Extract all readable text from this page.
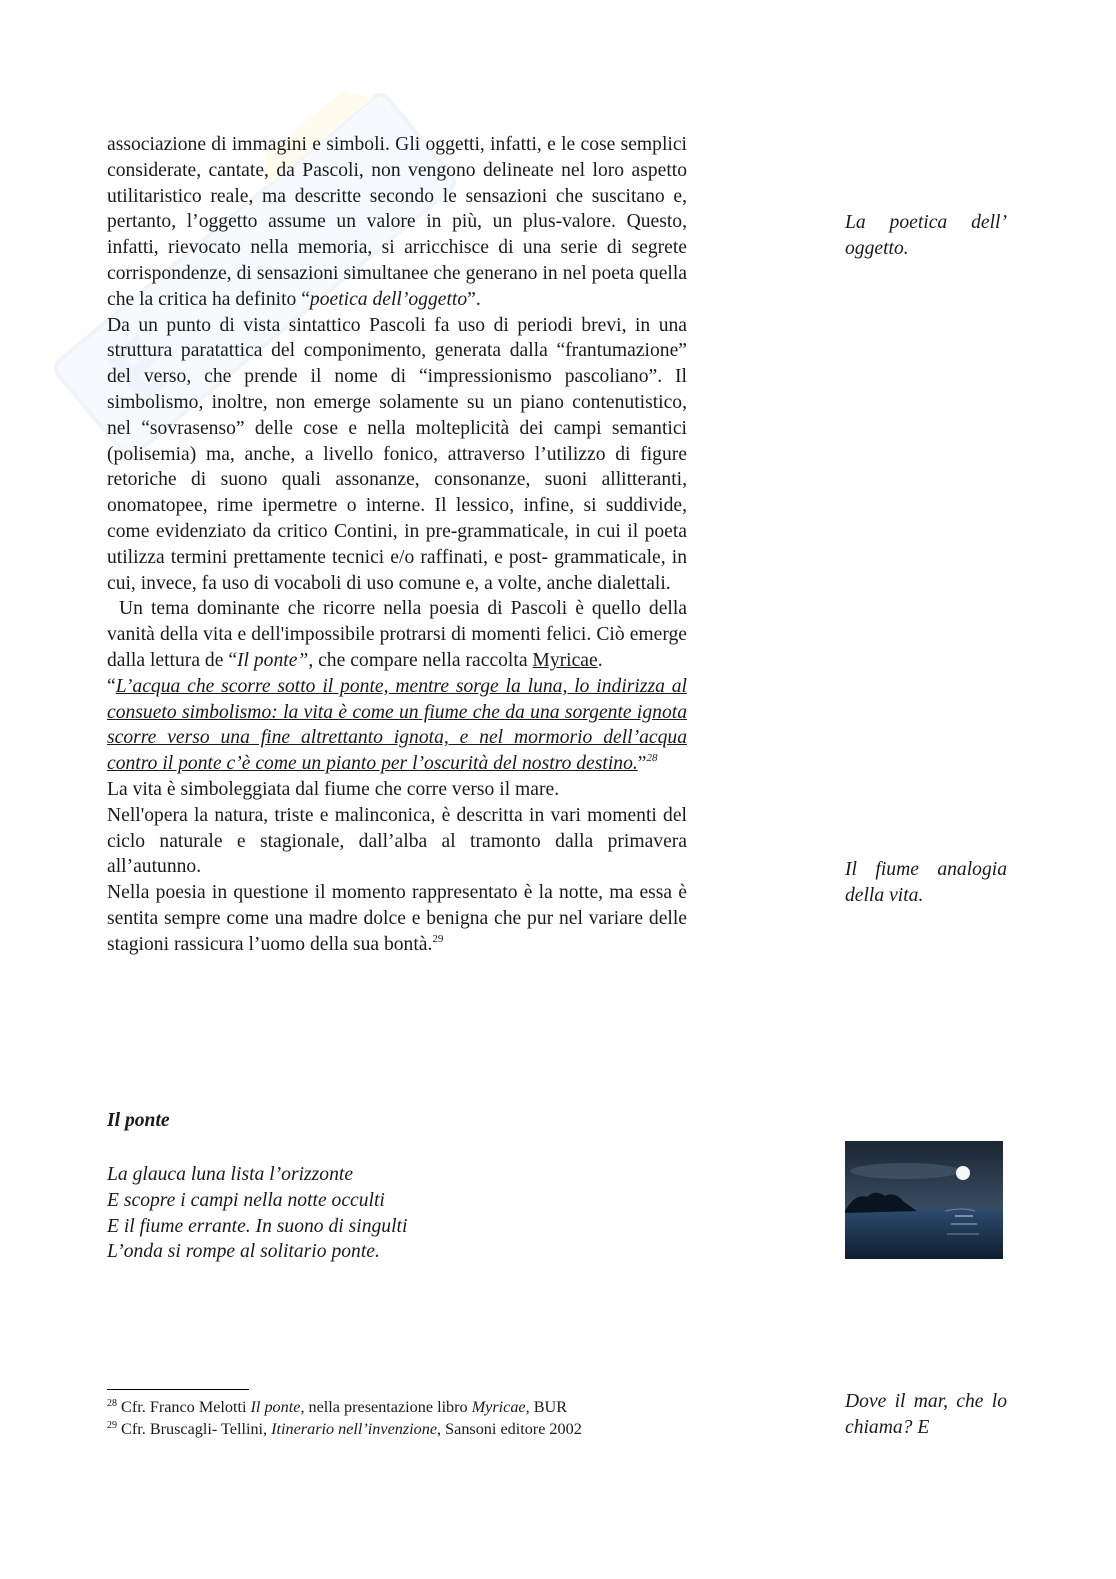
E

associazione di immagini e simboli. Gli oggetti, infatti, e le cose semplici considerate, cantate, da Pascoli, non vengono delineate nel loro aspetto utilitaristico reale, ma descritte secondo le sensazioni che suscitano e, pertanto, l’oggetto assume un valore in più, un plus-valore. Questo, infatti, rievocato nella memoria, si arricchisce di una serie di segrete corrispondenze, di sensazioni simultanee che generano in nel poeta quella che la critica ha definito “poetica dell’oggetto”.

Da un punto di vista sintattico Pascoli fa uso di periodi brevi, in una struttura paratattica del componimento, generata dalla “frantumazione” del verso, che prende il nome di “impressionismo pascoliano”. Il simbolismo, inoltre, non emerge solamente su un piano contenutistico, nel “sovrasenso” delle cose e nella molteplicità dei campi semantici (polisemia) ma, anche, a livello fonico, attraverso l’utilizzo di figure retoriche di suono quali assonanze, consonanze, suoni allitteranti, onomatopee, rime ipermetre o interne. Il lessico, infine, si suddivide, come evidenziato da critico Contini, in pre-grammaticale, in cui il poeta utilizza termini prettamente tecnici e/o raffinati, e post- grammaticale, in cui, invece, fa uso di vocaboli di uso comune e, a volte, anche dialettali.

Un tema dominante che ricorre nella poesia di Pascoli è quello della vanità della vita e dell'impossibile protrarsi di momenti felici. Ciò emerge dalla lettura de “Il ponte”, che compare nella raccolta Myricae.

“L’acqua che scorre sotto il ponte, mentre sorge la luna, lo indirizza al consueto simbolismo: la vita è come un fiume che da una sorgente ignota scorre verso una fine altrettanto ignota, e nel mormorio dell’acqua contro il ponte c’è come un pianto per l’oscurità del nostro destino.”$^{28}$

La vita è simboleggiata dal fiume che corre verso il mare.

Nell'opera la natura, triste e malinconica, è descritta in vari momenti del ciclo naturale e stagionale, dall’alba al tramonto dalla primavera all’autunno.

Nella poesia in questione il momento rappresentato è la notte, ma essa è sentita sempre come una madre dolce e benigna che pur nel variare delle stagioni rassicura l’uomo della sua bontà.$^{29}$

Il ponte
La glauca luna lista l’orizzonte
E scopre i campi nella notte occulti
E il fiume errante. In suono di singulti
L’onda si rompe al solitario ponte.
La poetica dell’ oggetto.
Il fiume analogia della vita.
Dove il mar, che lo chiama? E
$^{28}$ Cfr. Franco Melotti Il ponte, nella presentazione libro Myricae, BUR
$^{29}$ Cfr. Bruscagli- Tellini, Itinerario nell’invenzione, Sansoni editore 2002
